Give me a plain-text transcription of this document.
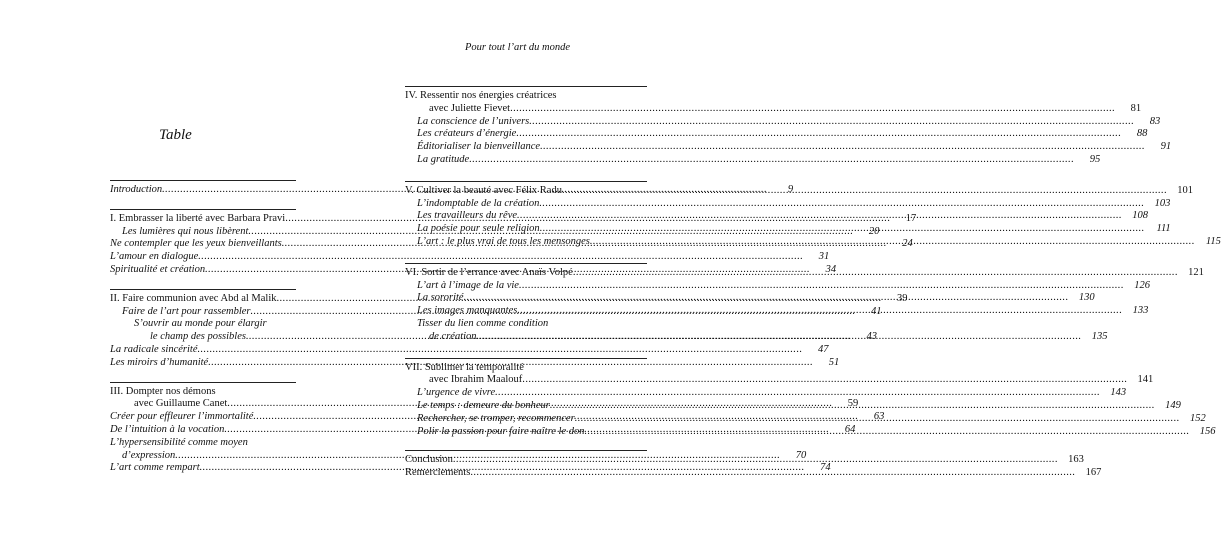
Pour tout l’art du monde
Table
Introduction .....	9
I. Embrasser la liberté avec Barbara Pravi .....	17
Les lumières qui nous libèrent .....	20
Ne contempler que les yeux bienveillants .....	24
L’amour en dialogue .....	31
Spiritualité et création .....	34
II. Faire communion avec Abd al Malik .....	39
Faire de l’art pour rassembler .....	41
S’ouvrir au monde pour élargir
le champ des possibles .....	43
La radicale sincérité .....	47
Les miroirs d’humanité .....	51
III. Dompter nos démons
avec Guillaume Canet .....	59
Créer pour effleurer l’immortalité .....	63
De l’intuition à la vocation .....	64
L’hypersensibilité comme moyen
d’expression .....	70
L’art comme rempart .....	74
IV. Ressentir nos énergies créatrices
avec Juliette Fievet .....	81
La conscience de l’univers .....	83
Les créateurs d’énergie .....	88
Éditorialiser la bienveillance .....	91
La gratitude .....	95
V. Cultiver la beauté avec Félix Radu .....	101
L’indomptable de la création .....	103
Les travailleurs du rêve .....	108
La poésie pour seule religion .....	111
L’art : le plus vrai de tous les mensonges .....	115
VI. Sortir de l’errance avec Anaïs Volpé .....	121
L’art à l’image de la vie .....	126
La sororité .....	130
Les images manquantes .....	133
Tisser du lien comme condition
de création .....	135
VII. Sublimer la temporalité
avec Ibrahim Maalouf .....	141
L’urgence de vivre .....	143
Le temps : demeure du bonheur .....	149
Rechercher, se tromper, recommencer .....	152
Polir la passion pour faire naître le don .....	156
Conclusion .....	163
Remerciements .....	167
